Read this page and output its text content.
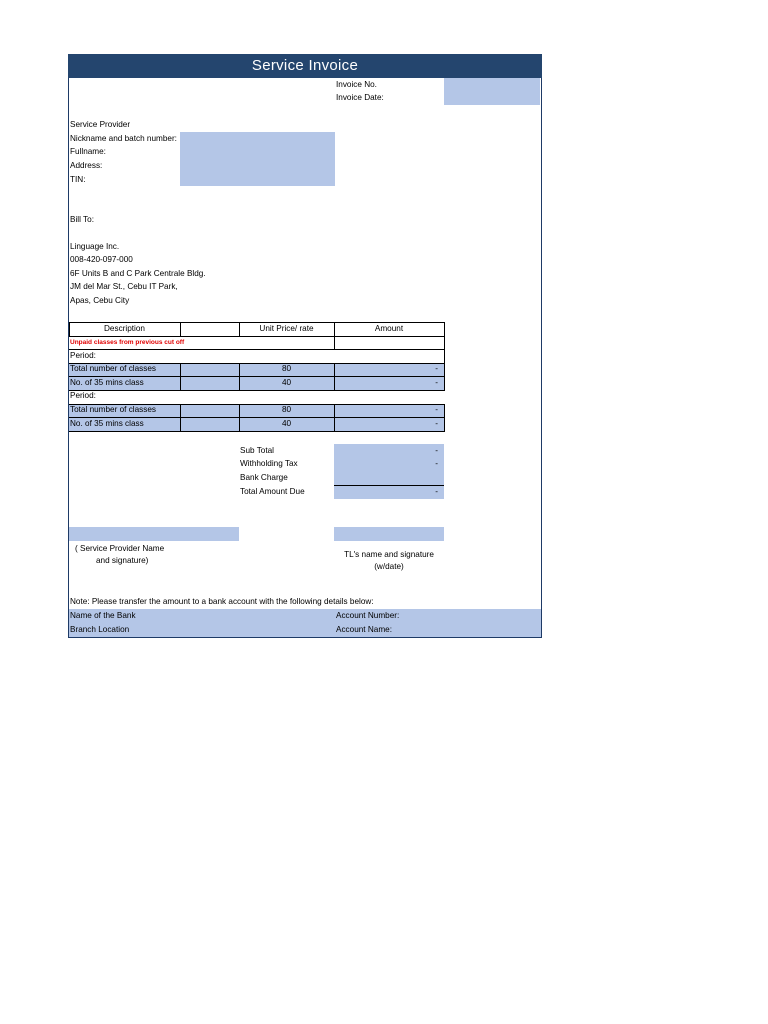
Service Invoice
Invoice No.
Invoice Date:
Service Provider
Nickname and batch number:
Fullname:
Address:
TIN:
Bill To:
Linguage Inc.
008-420-097-000
6F Units B and C Park Centrale Bldg.
JM del Mar St., Cebu IT Park,
Apas, Cebu City
Description	Unit Price/ rate	Amount
Unpaid classes from previous cut off
Period:
Total number of classes	80	-
No. of 35 mins class	40	-
Period:
Total number of classes	80	-
No. of 35 mins class	40	-
Sub Total	-
Withholding Tax	-
Bank Charge
Total Amount Due	-
( Service Provider Name
and signature)
TL's name and signature
(w/date)
Note: Please transfer the amount to a bank account with the following details below:
Name of the Bank	Account Number:
Branch Location	Account Name:
